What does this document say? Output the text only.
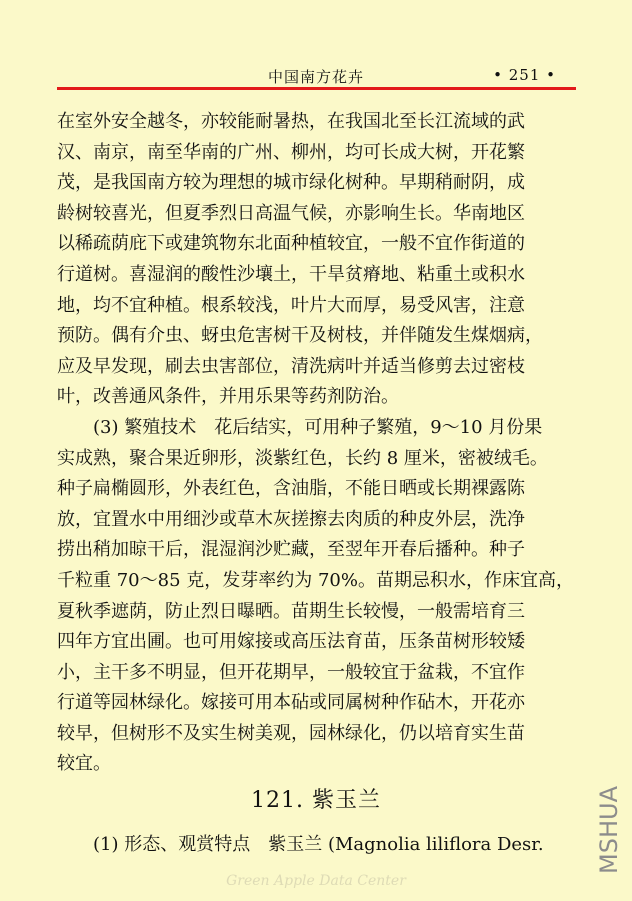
中国南方花卉	• 251 •

在室外安全越冬，亦较能耐暑热，在我国北至长江流域的武
汉、南京，南至华南的广州、柳州，均可长成大树，开花繁
茂，是我国南方较为理想的城市绿化树种。早期稍耐阴，成
龄树较喜光，但夏季烈日高温气候，亦影响生长。华南地区
以稀疏荫庇下或建筑物东北面种植较宜，一般不宜作街道的
行道树。喜湿润的酸性沙壤土，干旱贫瘠地、粘重土或积水
地，均不宜种植。根系较浅，叶片大而厚，易受风害，注意
预防。偶有介虫、蚜虫危害树干及树枝，并伴随发生煤烟病，
应及早发现，刷去虫害部位，清洗病叶并适当修剪去过密枝
叶，改善通风条件，并用乐果等药剂防治。

(3) 繁殖技术　花后结实，可用种子繁殖，9～10 月份果
实成熟，聚合果近卵形，淡紫红色，长约 8 厘米，密被绒毛。
种子扁椭圆形，外表红色，含油脂，不能日晒或长期裸露陈
放，宜置水中用细沙或草木灰搓擦去肉质的种皮外层，洗净
捞出稍加晾干后，混湿润沙贮藏，至翌年开春后播种。种子
千粒重 70～85 克，发芽率约为 70%。苗期忌积水，作床宜高，
夏秋季遮荫，防止烈日曝晒。苗期生长较慢，一般需培育三
四年方宜出圃。也可用嫁接或高压法育苗，压条苗树形较矮
小，主干多不明显，但开花期早，一般较宜于盆栽，不宜作
行道等园林绿化。嫁接可用本砧或同属树种作砧木，开花亦
较早，但树形不及实生树美观，园林绿化，仍以培育实生苗
较宜。

121. 紫玉兰
(1) 形态、观赏特点　紫玉兰 (Magnolia liliflora Desr.
Green Apple Data Center
MSHUA
